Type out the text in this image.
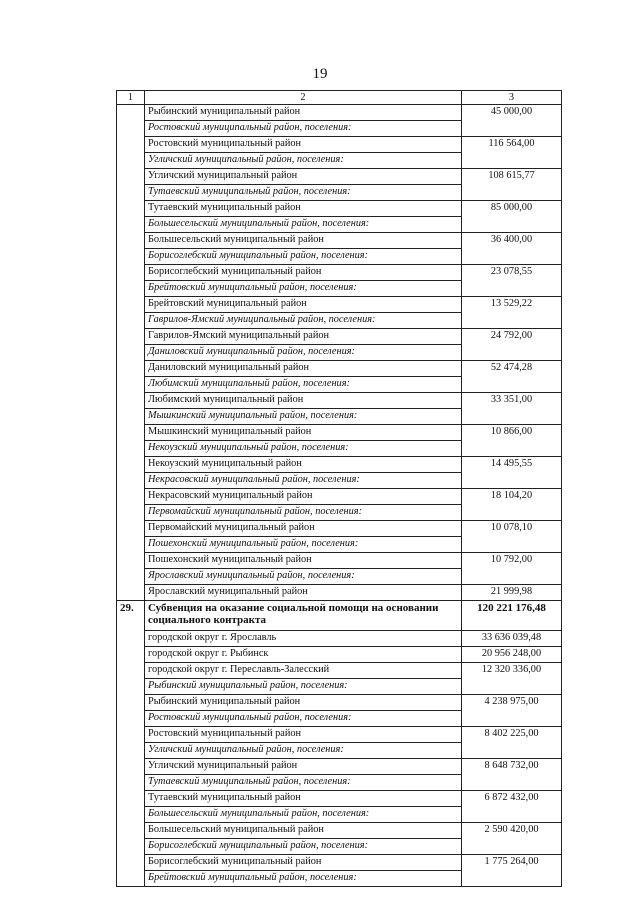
19
1	2	3
	Рыбинский муниципальный район	45 000,00
	Ростовский муниципальный район, поселения:	
	Ростовский муниципальный район	116 564,00
	Угличский муниципальный район, поселения:	
	Угличский муниципальный район	108 615,77
	Тутаевский муниципальный район, поселения:	
	Тутаевский муниципальный район	85 000,00
	Большесельский муниципальный район, поселения:	
	Большесельский муниципальный район	36 400,00
	Борисоглебский муниципальный район, поселения:	
	Борисоглебский муниципальный район	23 078,55
	Брейтовский муниципальный район, поселения:	
	Брейтовский муниципальный район	13 529,22
	Гаврилов-Ямский муниципальный район, поселения:	
	Гаврилов-Ямский муниципальный район	24 792,00
	Даниловский муниципальный район, поселения:	
	Даниловский муниципальный район	52 474,28
	Любимский муниципальный район, поселения:	
	Любимский муниципальный район	33 351,00
	Мышкинский муниципальный район, поселения:	
	Мышкинский муниципальный район	10 866,00
	Некоузский муниципальный район, поселения:	
	Некоузский муниципальный район	14 495,55
	Некрасовский муниципальный район, поселения:	
	Некрасовский муниципальный район	18 104,20
	Первомайский муниципальный район, поселения:	
	Первомайский муниципальный район	10 078,10
	Пошехонский муниципальный район, поселения:	
	Пошехонский муниципальный район	10 792,00
	Ярославский муниципальный район, поселения:	
	Ярославский муниципальный район	21 999,98
29.	Субвенция на оказание социальной помощи на основании социального контракта	120 221 176,48
	городской округ г. Ярославль	33 636 039,48
	городской округ г. Рыбинск	20 956 248,00
	городской округ г. Переславль-Залесский	12 320 336,00
	Рыбинский муниципальный район, поселения:	
	Рыбинский муниципальный район	4 238 975,00
	Ростовский муниципальный район, поселения:	
	Ростовский муниципальный район	8 402 225,00
	Угличский муниципальный район, поселения:	
	Угличский муниципальный район	8 648 732,00
	Тутаевский муниципальный район, поселения:	
	Тутаевский муниципальный район	6 872 432,00
	Большесельский муниципальный район, поселения:	
	Большесельский муниципальный район	2 590 420,00
	Борисоглебский муниципальный район, поселения:	
	Борисоглебский муниципальный район	1 775 264,00
	Брейтовский муниципальный район, поселения:	
